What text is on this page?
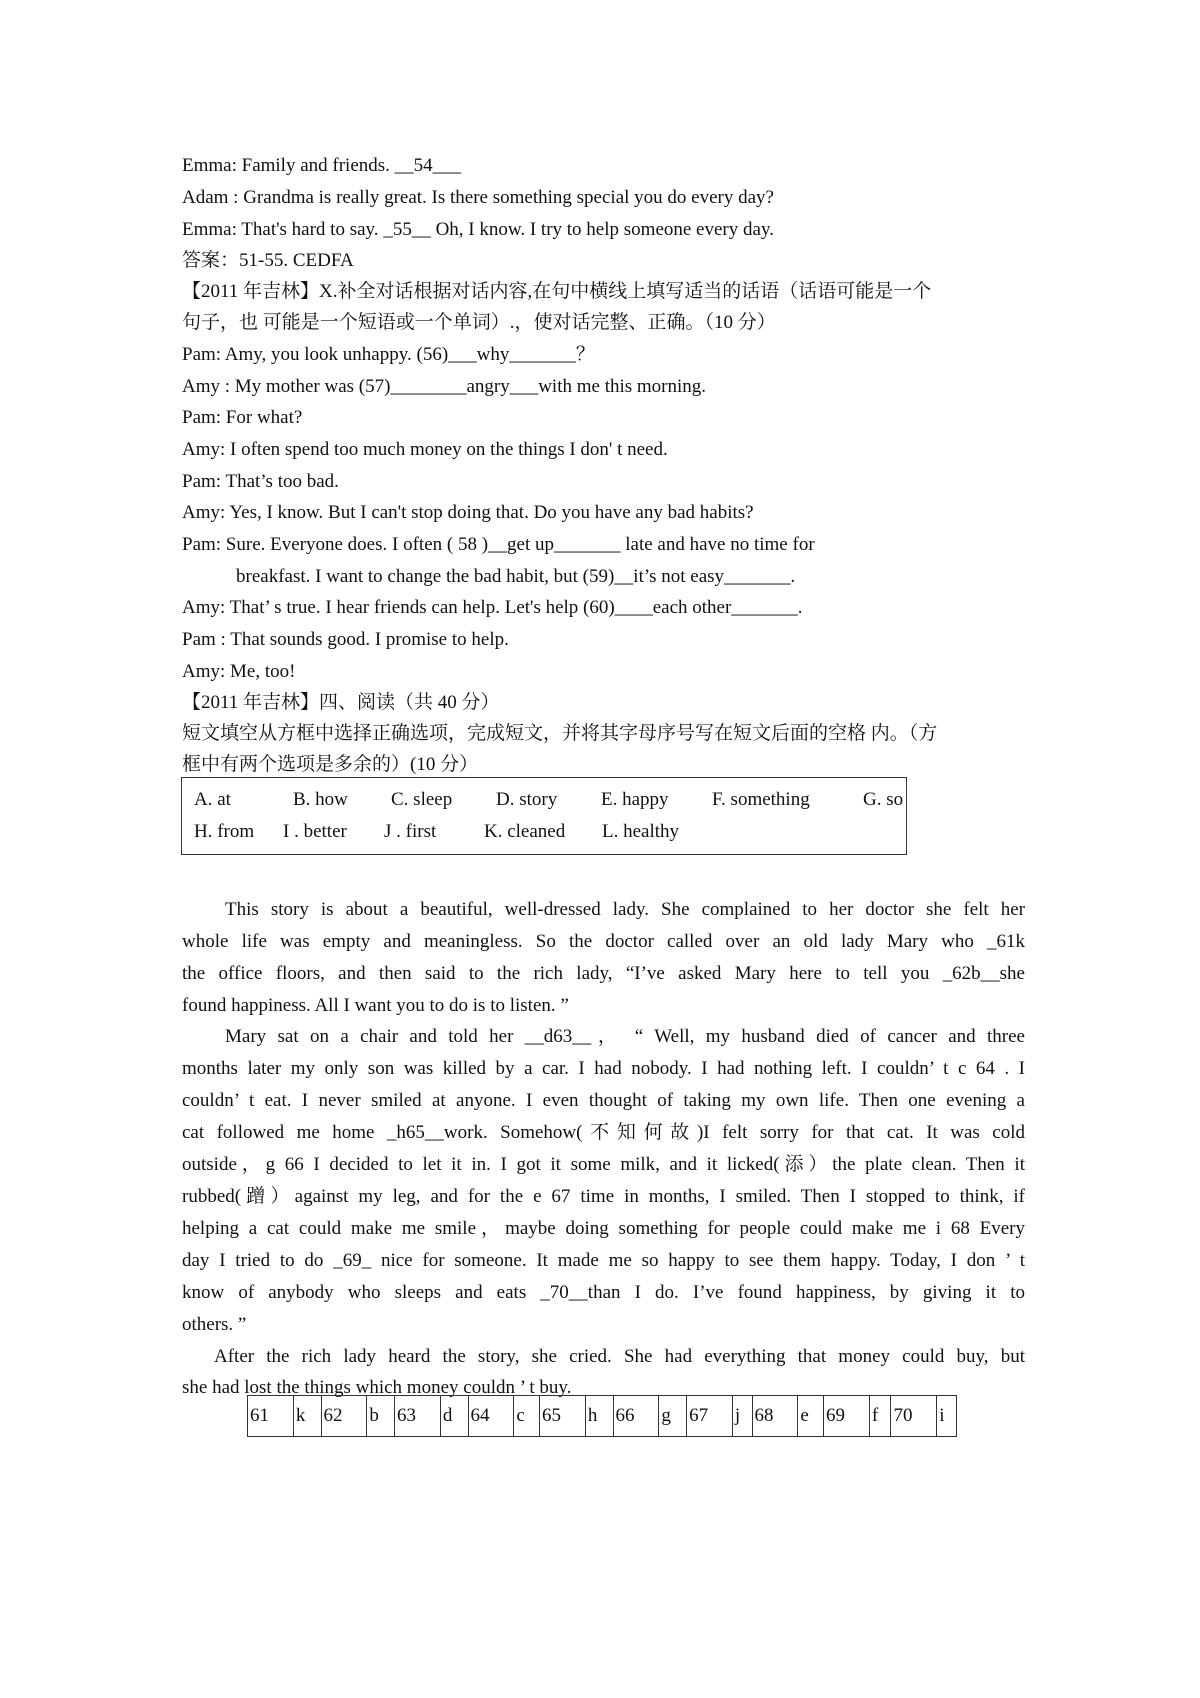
Emma: Family and friends. __54___
Adam : Grandma is really great. Is there something special you do every day?
Emma: That's hard to say. _55__ Oh, I know. I try to help someone every day.
答案：51-55. CEDFA
【2011 年吉林】X.补全对话根据对话内容,在句中横线上填写适当的话语（话语可能是一个
句子，也 可能是一个短语或一个单词）.，使对话完整、正确。（10 分）
Pam: Amy, you look unhappy. (56)___why_______？
Amy : My mother was (57)________angry___with me this morning.
Pam: For what?
Amy: I often spend too much money on the things I don' t need.
Pam: That’s too bad.
Amy: Yes, I know. But I can't stop doing that. Do you have any bad habits?
Pam: Sure. Everyone does. I often ( 58 )__get up_______ late and have no time for
breakfast. I want to change the bad habit, but (59)__it’s not easy_______.
Amy: That’ s true. I hear friends can help. Let's help (60)____each other_______.
Pam : That sounds good. I promise to help.
Amy: Me, too!
【2011 年吉林】四、阅读（共 40 分）
短文填空从方框中选择正确选项，完成短文，并将其字母序号写在短文后面的空格 内。（方
框中有两个选项是多余的）(10 分）
A. at	B. how C. sleep D. story E. happy F. something	G. so
H. from I . better J . first	K. cleaned L. healthy
This story is about a beautiful, well-dressed lady. She complained to her doctor she felt her
whole life was empty and meaningless. So the doctor called over an old lady Mary who _61k
the office floors, and then said to the rich lady, “I’ve asked Mary here to tell you _62b__she
found happiness. All I want you to do is to listen. ”
Mary sat on a chair and told her __d63__， “ Well, my husband died of cancer and three
months later my only son was killed by a car. I had nobody. I had nothing left. I couldn’ t c 64 . I
couldn’ t eat. I never smiled at anyone. I even thought of taking my own life. Then one evening a
cat followed me home _h65__work. Somehow(不知何故)I felt sorry for that cat. It was cold
outside，g 66 I decided to let it in. I got it some milk, and it licked(添）the plate clean. Then it
rubbed(蹭）against my leg, and for the e 67 time in months, I smiled. Then I stopped to think, if
helping a cat could make me smile，maybe doing something for people could make me i 68 Every
day I tried to do _69_ nice for someone. It made me so happy to see them happy. Today, I don ’ t
know of anybody who sleeps and eats _70__than I do. I’ve found happiness, by giving it to
others. ”
After the rich lady heard the story, she cried. She had everything that money could buy, but
she had lost the things which money couldn ’ t buy.
61	k	62	b	63	d	64	c	65	h	66	g	67	j	68	e	69	f	70	i
